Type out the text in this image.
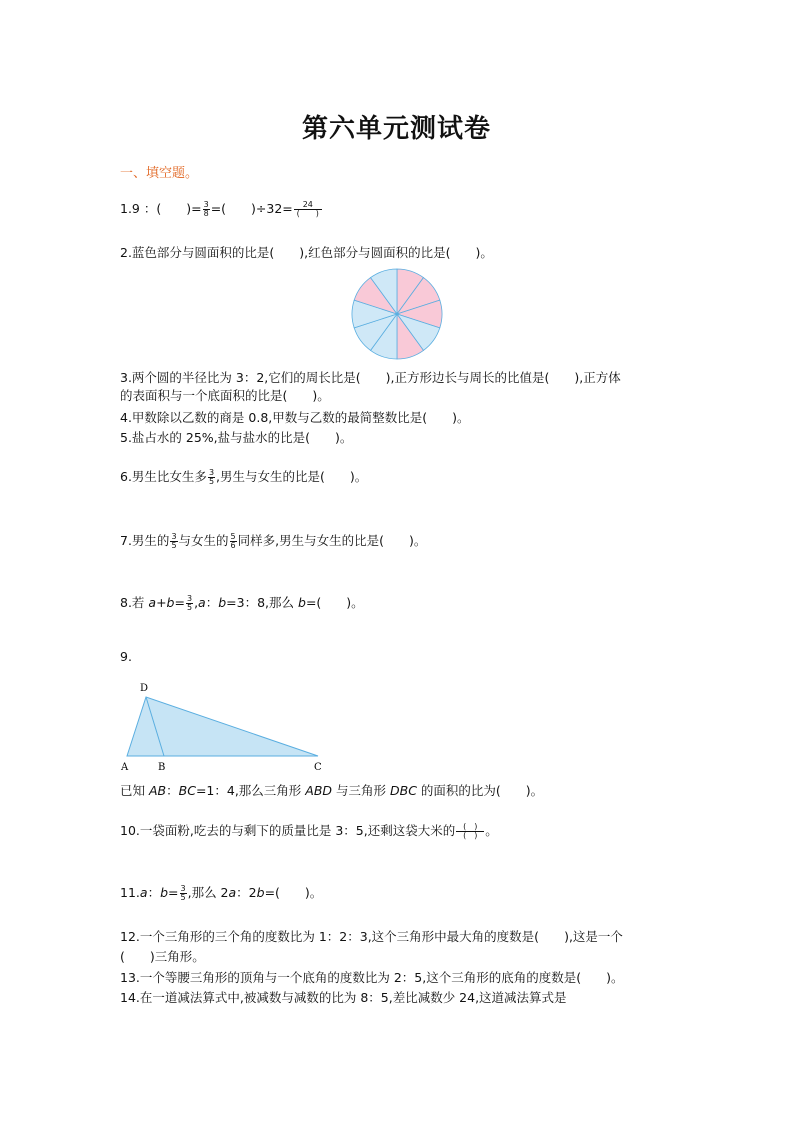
第六单元测试卷
一、填空题。
1.9 ：(　　)= $\frac{3}{8}$ =(　　)$\div 32= \frac{24}{( )}$
2.蓝色部分与圆面积的比是(　　),红色部分与圆面积的比是(　　)。
3.两个圆的半径比为 3：2,它们的周长比是(　　),正方形边长与周长的比值是(　　),正方体
的表面积与一个底面积的比是(　　)。
4.甲数除以乙数的商是 0.8,甲数与乙数的最简整数比是(　　)。
5.盐占水的 25%,盐与盐水的比是(　　)。
6.男生比女生多 $\frac{3}{5}$ ,男生与女生的比是(　　)。
7.男生的 $\frac{3}{5}$ 与女生的 $\frac{5}{6}$ 同样多,男生与女生的比是(　　)。
8.若 $a+b= \frac{3}{5} ,a$：b=3：8,那么 b=(　　)。
9.
D
A	B	C
已知 AB：BC=1：4,那么三角形 ABD 与三角形 DBC 的面积的比为(　　)。
10.一袋面粉,吃去的与剩下的质量比是 3：5,还剩这袋大米的 $\frac{( )}{( )}$ 。
11.a：$b= \frac{3}{5}$ ,那么 2a：2b=(　　)。
12.一个三角形的三个角的度数比为 1：2：3,这个三角形中最大角的度数是(　　),这是一个
(　　)三角形。
13.一个等腰三角形的顶角与一个底角的度数比为 2：5,这个三角形的底角的度数是(　　)。
14.在一道减法算式中,被减数与减数的比为 8：5,差比减数少 24,这道减法算式是
